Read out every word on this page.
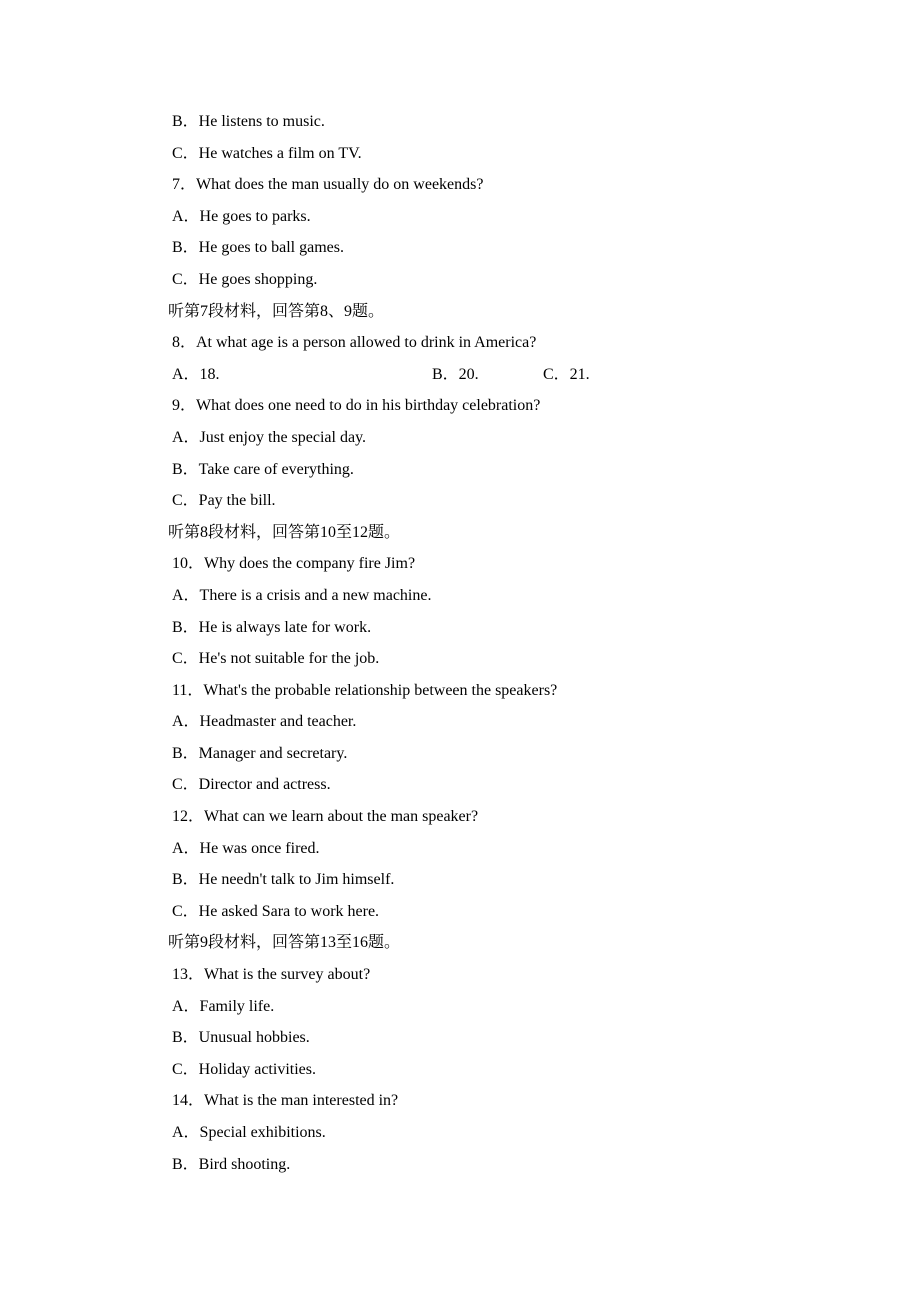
B．He listens to music.
C．He watches a film on TV.
7．What does the man usually do on weekends?
A．He goes to parks.
B．He goes to ball games.
C．He goes shopping.
听第7段材料，回答第8、9题。
8．At what age is a person allowed to drink in America?
A．18.	B．20.	C．21.
9．What does one need to do in his birthday celebration?
A．Just enjoy the special day.
B．Take care of everything.
C．Pay the bill.
听第8段材料，回答第10至12题。
10．Why does the company fire Jim?
A．There is a crisis and a new machine.
B．He is always late for work.
C．He's not suitable for the job.
11．What's the probable relationship between the speakers?
A．Headmaster and teacher.
B．Manager and secretary.
C．Director and actress.
12．What can we learn about the man speaker?
A．He was once fired.
B．He needn't talk to Jim himself.
C．He asked Sara to work here.
听第9段材料，回答第13至16题。
13．What is the survey about?
A．Family life.
B．Unusual hobbies.
C．Holiday activities.
14．What is the man interested in?
A．Special exhibitions.
B．Bird shooting.
